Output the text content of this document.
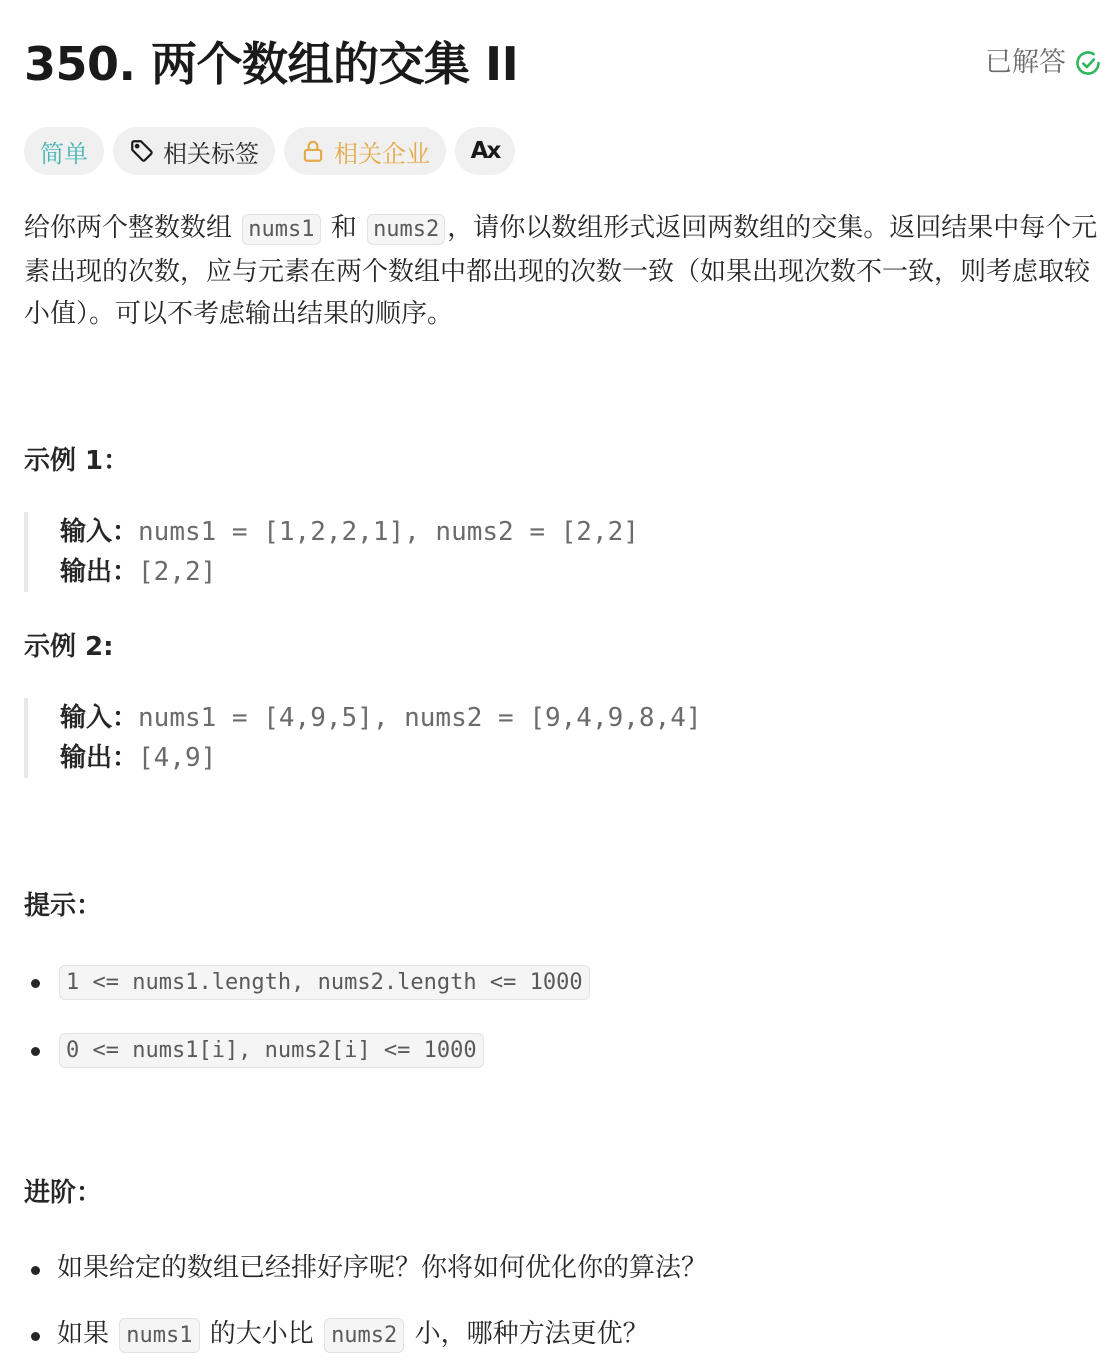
350. 两个数组的交集 II	已解答
简单	相关标签	相关企业 Ax
给你两个整数数组 nums1 和 nums2 ，请你以数组形式返回两数组的交集。返回结果中每个元素出现的次数，应与元素在两个数组中都出现的次数一致（如果出现次数不一致，则考虑取较小值）。可以不考虑输出结果的顺序。
示例 1：
输入：nums1 = [1,2,2,1], nums2 = [2,2]
输出：[2,2]
示例 2:
输入：nums1 = [4,9,5], nums2 = [9,4,9,8,4]
输出：[4,9]
提示：
1 <= nums1.length, nums2.length <= 1000
0 <= nums1[i], nums2[i] <= 1000
进阶：
如果给定的数组已经排好序呢？你将如何优化你的算法？
如果 nums1 的大小比 nums2 小，哪种方法更优？
